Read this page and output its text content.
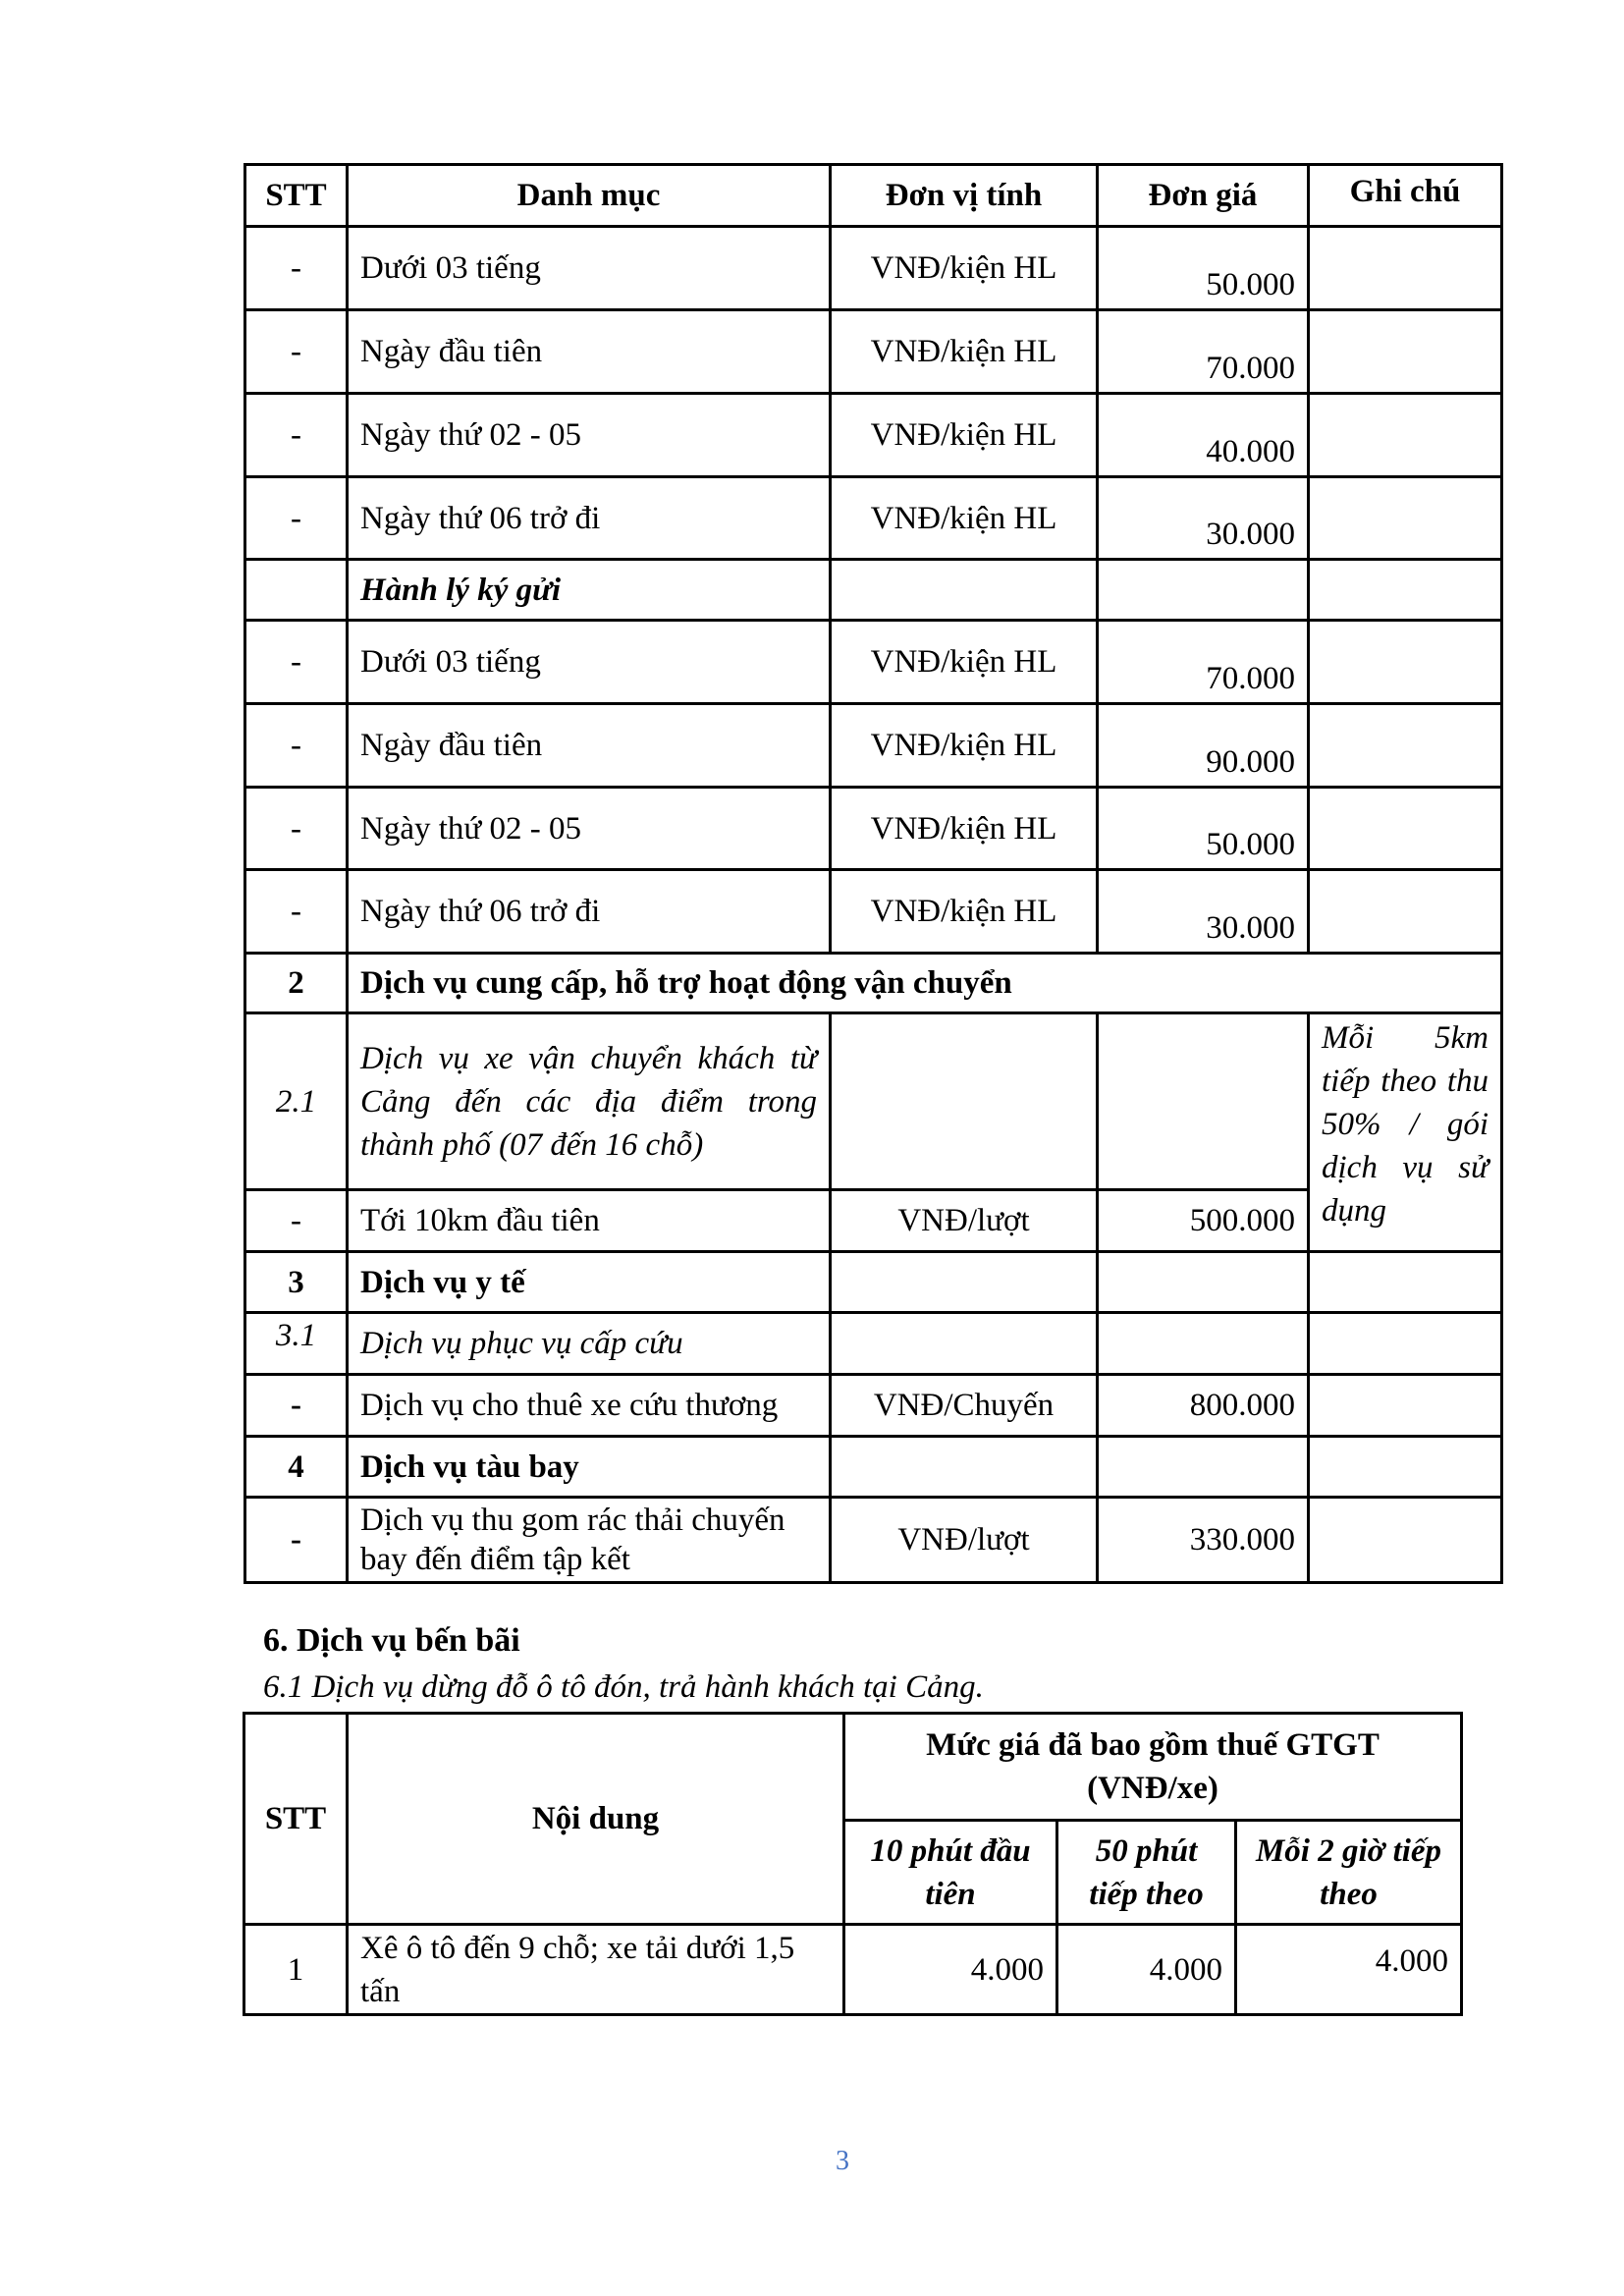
STT	Danh mục	Đơn vị tính	Đơn giá	Ghi chú
-	Dưới 03 tiếng	VNĐ/kiện HL	50.000	
-	Ngày đầu tiên	VNĐ/kiện HL	70.000	
-	Ngày thứ 02 - 05	VNĐ/kiện HL	40.000	
-	Ngày thứ 06 trở đi	VNĐ/kiện HL	30.000	
	Hành lý ký gửi			
-	Dưới 03 tiếng	VNĐ/kiện HL	70.000	
-	Ngày đầu tiên	VNĐ/kiện HL	90.000	
-	Ngày thứ 02 - 05	VNĐ/kiện HL	50.000	
-	Ngày thứ 06 trở đi	VNĐ/kiện HL	30.000	
2	Dịch vụ cung cấp, hỗ trợ hoạt động vận chuyển			
2.1	Dịch vụ xe vận chuyển khách từ Cảng đến các địa điểm trong thành phố (07 đến 16 chỗ)			Mỗi 5km tiếp theo thu 50% / gói dịch vụ sử dụng
-	Tới 10km đầu tiên	VNĐ/lượt	500.000	
3	Dịch vụ y tế			
3.1	Dịch vụ phục vụ cấp cứu			
-	Dịch vụ cho thuê xe cứu thương	VNĐ/Chuyến	800.000	
4	Dịch vụ tàu bay			
-	Dịch vụ thu gom rác thải chuyến bay đến điểm tập kết	VNĐ/lượt	330.000	
6. Dịch vụ bến bãi
6.1 Dịch vụ dừng đỗ ô tô đón, trả hành khách tại Cảng.
STT	Nội dung	Mức giá đã bao gồm thuế GTGT (VNĐ/xe)		
		10 phút đầu tiên	50 phút tiếp theo	Mỗi 2 giờ tiếp theo
1	Xê ô tô đến 9 chỗ; xe tải dưới 1,5 tấn	4.000	4.000	4.000
3
